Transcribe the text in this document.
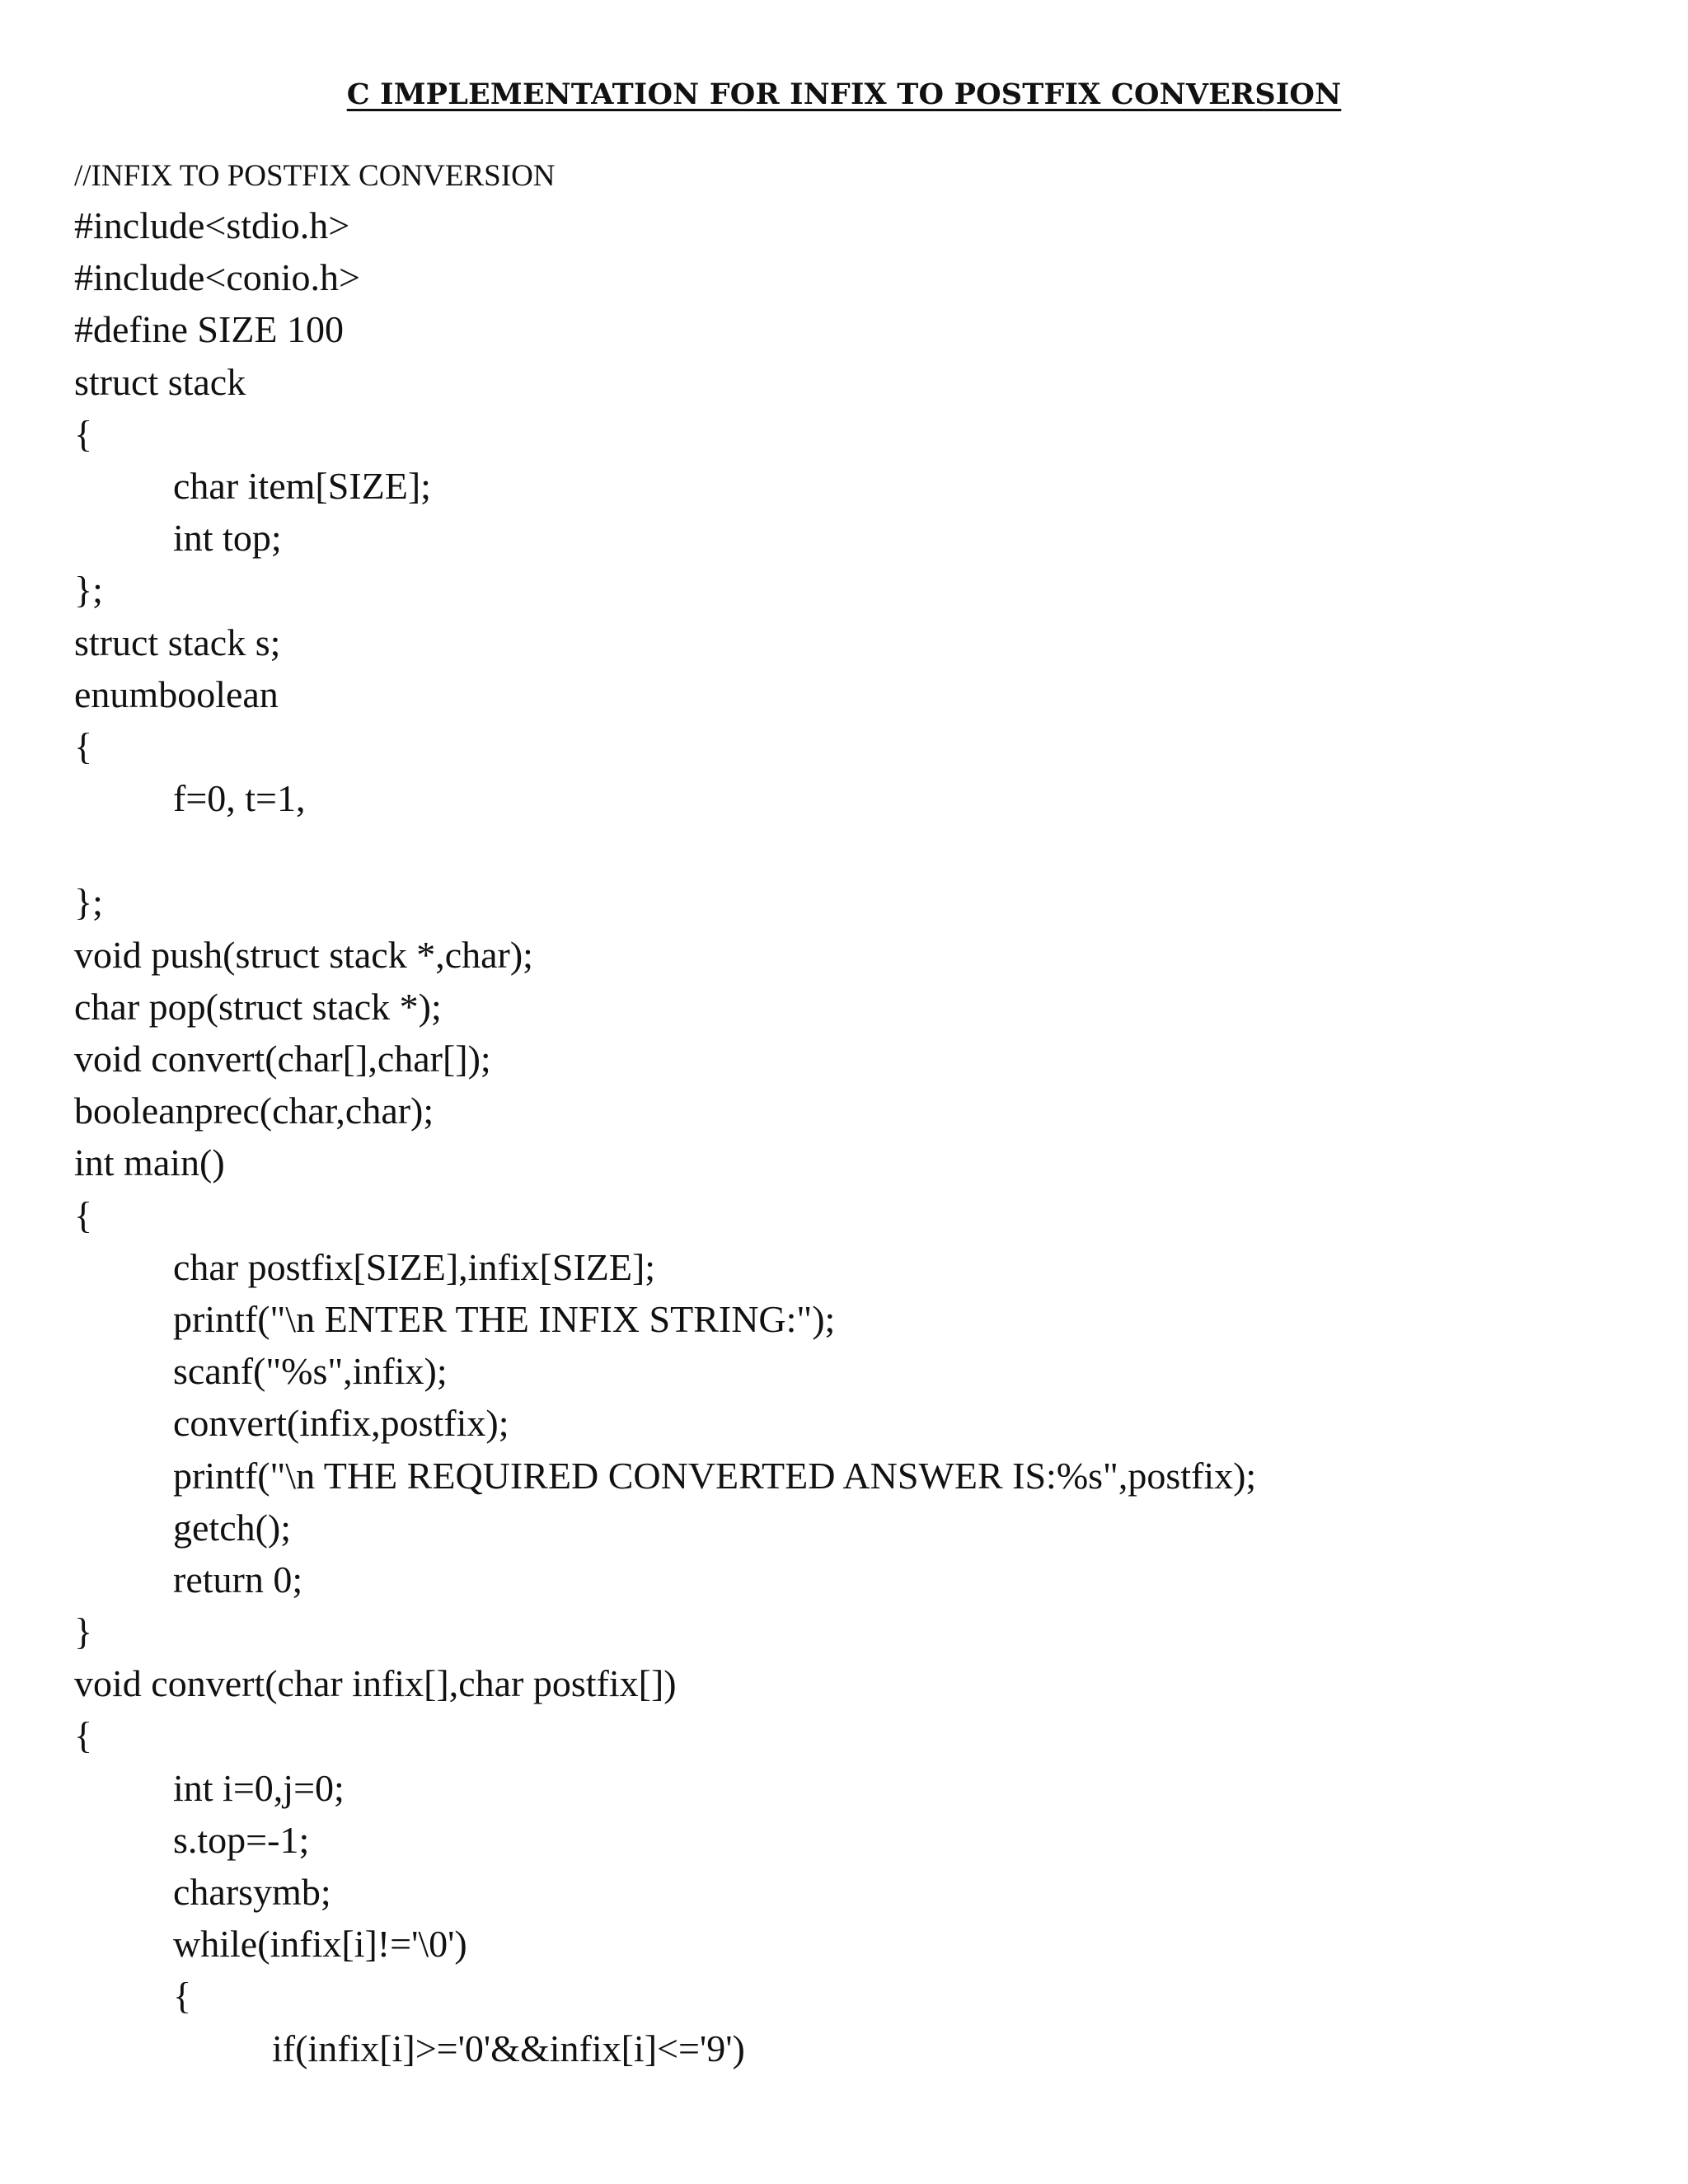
C IMPLEMENTATION FOR INFIX TO POSTFIX CONVERSION
//INFIX TO POSTFIX CONVERSION
#include<stdio.h>
#include<conio.h>
#define SIZE 100
struct stack
{
char item[SIZE];
int top;
};
struct stack s;
enumboolean
{
f=0, t=1,
};
void push(struct stack *,char);
char pop(struct stack *);
void convert(char[],char[]);
booleanprec(char,char);
int main()
{
char postfix[SIZE],infix[SIZE];
printf("\n ENTER THE INFIX STRING:");
scanf("%s",infix);
convert(infix,postfix);
printf("\n THE REQUIRED CONVERTED ANSWER IS:%s",postfix);
getch();
return 0;
}
void convert(char infix[],char postfix[])
{
int i=0,j=0;
s.top=-1;
charsymb;
while(infix[i]!='\0')
{
if(infix[i]>='0'&&infix[i]<='9')
